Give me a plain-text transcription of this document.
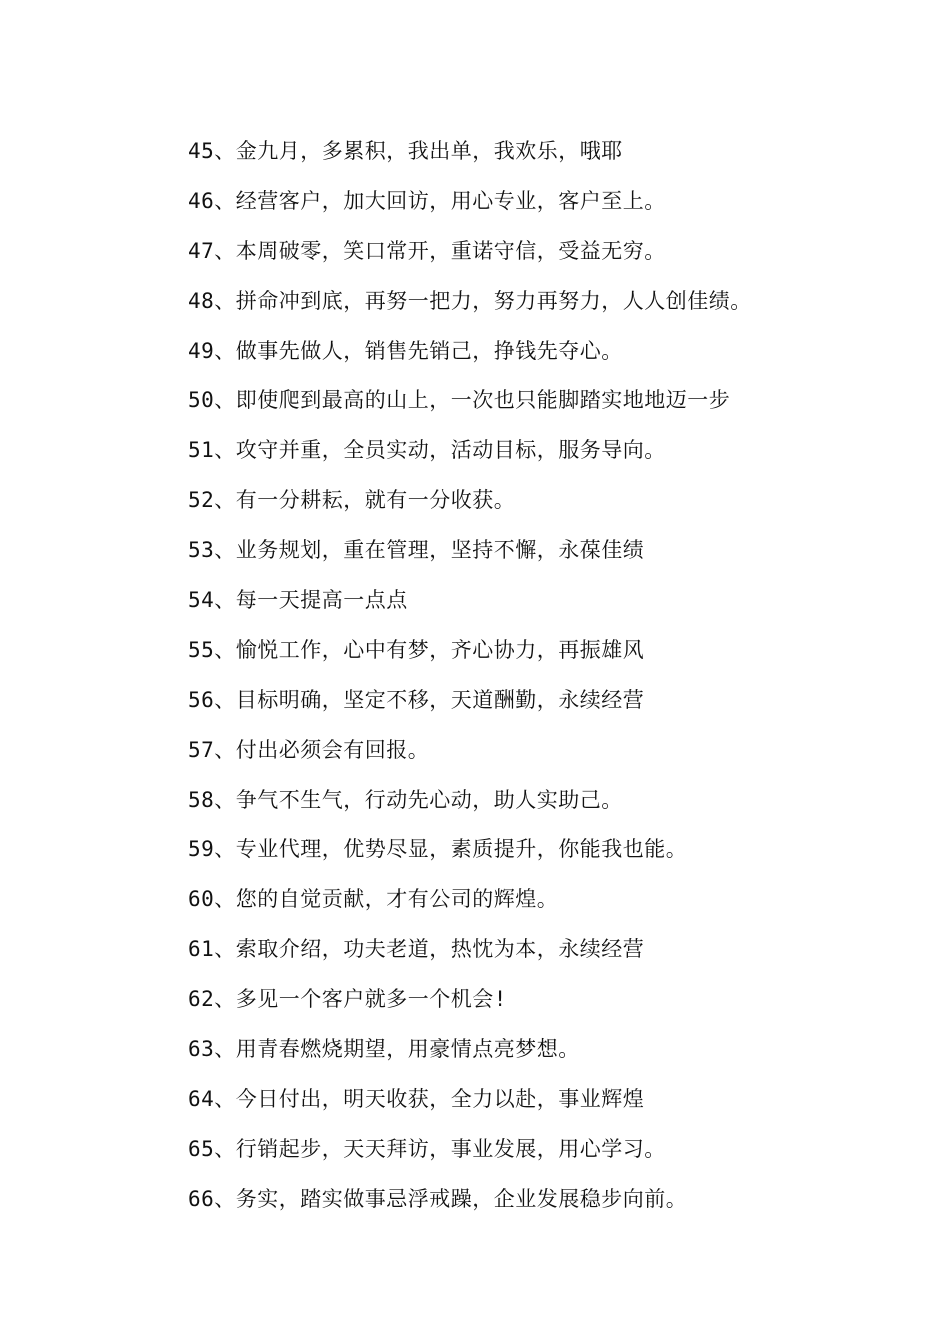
45、金九月，多累积，我出单，我欢乐，哦耶
46、经营客户，加大回访，用心专业，客户至上。
47、本周破零，笑口常开，重诺守信，受益无穷。
48、拼命冲到底，再努一把力，努力再努力，人人创佳绩。
49、做事先做人，销售先销己，挣钱先夺心。
50、即使爬到最高的山上，一次也只能脚踏实地地迈一步
51、攻守并重，全员实动，活动目标，服务导向。
52、有一分耕耘，就有一分收获。
53、业务规划，重在管理，坚持不懈，永葆佳绩
54、每一天提高一点点
55、愉悦工作，心中有梦，齐心协力，再振雄风
56、目标明确，坚定不移，天道酬勤，永续经营
57、付出必须会有回报。
58、争气不生气，行动先心动，助人实助己。
59、专业代理，优势尽显，素质提升，你能我也能。
60、您的自觉贡献，才有公司的辉煌。
61、索取介绍，功夫老道，热忱为本，永续经营
62、多见一个客户就多一个机会!
63、用青春燃烧期望，用豪情点亮梦想。
64、今日付出，明天收获，全力以赴，事业辉煌
65、行销起步，天天拜访，事业发展，用心学习。
66、务实，踏实做事忌浮戒躁，企业发展稳步向前。
